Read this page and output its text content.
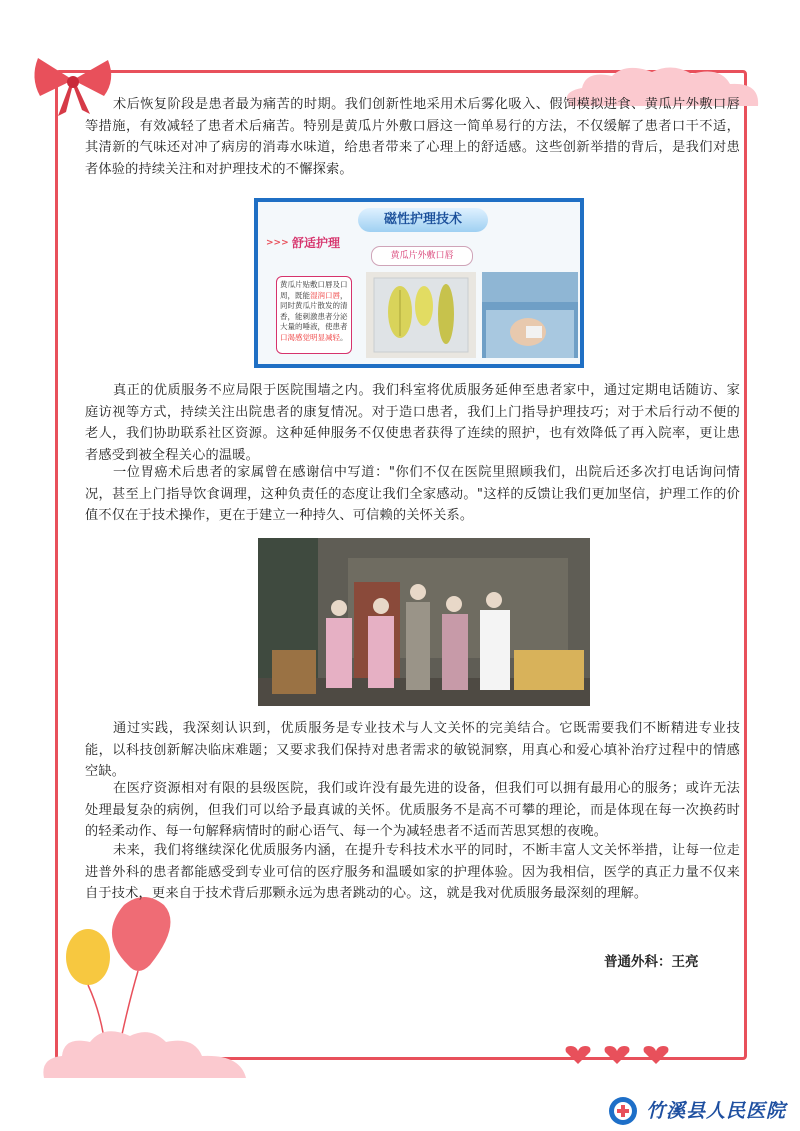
术后恢复阶段是患者最为痛苦的时期。我们创新性地采用术后雾化吸入、假饲模拟进食、黄瓜片外敷口唇等措施，有效减轻了患者术后痛苦。特别是黄瓜片外敷口唇这一简单易行的方法，不仅缓解了患者口干不适，其清新的气味还对冲了病房的消毒水味道，给患者带来了心理上的舒适感。这些创新举措的背后，是我们对患者体验的持续关注和对护理技术的不懈探索。

磁性护理技术
>>> 舒适护理
黄瓜片外敷口唇
黄瓜片贴敷口唇及口周，既能湿润口唇，同时黄瓜片散发的清香，能刺激患者分泌大量的唾液，使患者口渴感觉明显减轻。

真正的优质服务不应局限于医院围墙之内。我们科室将优质服务延伸至患者家中，通过定期电话随访、家庭访视等方式，持续关注出院患者的康复情况。对于造口患者，我们上门指导护理技巧；对于术后行动不便的老人，我们协助联系社区资源。这种延伸服务不仅使患者获得了连续的照护，也有效降低了再入院率，更让患者感受到被全程关心的温暖。

一位胃癌术后患者的家属曾在感谢信中写道："你们不仅在医院里照顾我们，出院后还多次打电话询问情况，甚至上门指导饮食调理，这种负责任的态度让我们全家感动。"这样的反馈让我们更加坚信，护理工作的价值不仅在于技术操作，更在于建立一种持久、可信赖的关怀关系。

通过实践，我深刻认识到，优质服务是专业技术与人文关怀的完美结合。它既需要我们不断精进专业技能，以科技创新解决临床难题；又要求我们保持对患者需求的敏锐洞察，用真心和爱心填补治疗过程中的情感空缺。

在医疗资源相对有限的县级医院，我们或许没有最先进的设备，但我们可以拥有最用心的服务；或许无法处理最复杂的病例，但我们可以给予最真诚的关怀。优质服务不是高不可攀的理论，而是体现在每一次换药时的轻柔动作、每一句解释病情时的耐心语气、每一个为减轻患者不适而苦思冥想的夜晚。

未来，我们将继续深化优质服务内涵，在提升专科技术水平的同时，不断丰富人文关怀举措，让每一位走进普外科的患者都能感受到专业可信的医疗服务和温暖如家的护理体验。因为我相信，医学的真正力量不仅来自于技术，更来自于技术背后那颗永远为患者跳动的心。这，就是我对优质服务最深刻的理解。

普通外科：王亮
竹溪县人民医院
